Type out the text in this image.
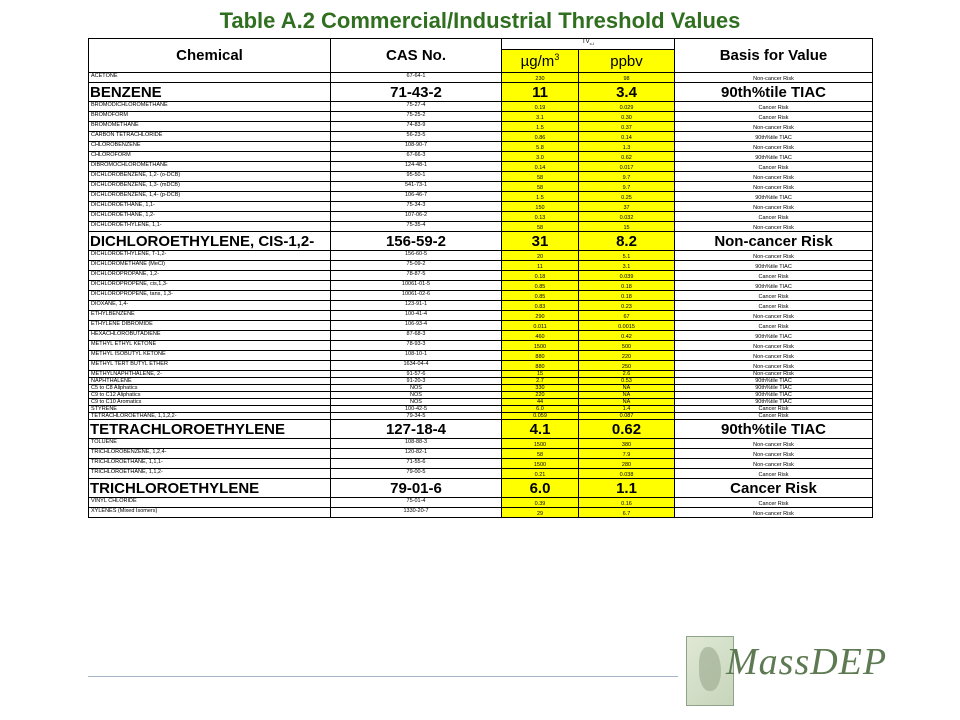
Table A.2 Commercial/Industrial Threshold Values
Chemical	CAS No.	$TV_{c-I}$		Basis for Value
		$\mu g/m^3$	ppbv	
ACETONE	67-64-1	230	98	Non-cancer Risk
BENZENE	71-43-2	11	3.4	90th%tile TIAC
BROMODICHLOROMETHANE	75-27-4	0.19	0.029	Cancer Risk
BROMOFORM	75-25-2	3.1	0.30	Cancer Risk
BROMOMETHANE	74-83-9	1.5	0.37	Non-cancer Risk
CARBON TETRACHLORIDE	56-23-5	0.86	0.14	90th%tile TIAC
CHLOROBENZENE	108-90-7	5.8	1.3	Non-cancer Risk
CHLOROFORM	67-66-3	3.0	0.62	90th%tile TIAC
DIBROMOCHLOROMETHANE	124-48-1	0.14	0.017	Cancer Risk
DICHLOROBENZENE, 1,2- (o-DCB)	95-50-1	58	9.7	Non-cancer Risk
DICHLOROBENZENE, 1,3- (mDCB)	541-73-1	58	9.7	Non-cancer Risk
DICHLOROBENZENE, 1,4- (p-DCB)	106-46-7	1.5	0.25	90th%tile TIAC
DICHLOROETHANE, 1,1-	75-34-3	150	37	Non-cancer Risk
DICHLOROETHANE, 1,2-	107-06-2	0.13	0.032	Cancer Risk
DICHLOROETHYLENE, 1,1-	75-35-4	58	15	Non-cancer Risk
DICHLOROETHYLENE, CIS-1,2-	156-59-2	31	8.2	Non-cancer Risk
DICHLOROETHYLENE, T-1,2-	156-60-5	20	5.1	Non-cancer Risk
DICHLOROMETHANE (MeCl)	75-09-2	11	3.1	90th%tile TIAC
DICHLOROPROPANE, 1,2-	78-87-5	0.18	0.039	Cancer Risk
DICHLOROPROPENE, cis,1,3-	10061-01-5	0.85	0.18	90th%tile TIAC
DICHLOROPROPENE, tans, 1,3-	10061-02-6	0.85	0.18	Cancer Risk
DIOXANE, 1,4-	123-91-1	0.83	0.23	Cancer Risk
ETHYLBENZENE	100-41-4	290	67	Non-cancer Risk
ETHYLENE DIBROMIDE	106-93-4	0.011	0.0015	Cancer Risk
HEXACHLOROBUTADIENE	87-68-3	460	0.42	90th%tile TIAC
METHYL ETHYL KETONE	78-93-3	1500	500	Non-cancer Risk
METHYL ISOBUTYL KETONE	108-10-1	880	220	Non-cancer Risk
METHYL TERT BUTYL ETHER	1634-04-4	880	250	Non-cancer Risk
METHYLNAPHTHALENE, 2-	91-57-6	15	2.6	Non-cancer Risk
NAPHTHALENE	91-20-3	2.7	0.53	90th%tile TIAC
C5 to C8 Aliphatics	NOS	330	NA	90th%tile TIAC
C9 to C12 Aliphatics	NOS	220	NA	90th%tile TIAC
C9 to C10 Aromatics	NOS	44	NA	90th%tile TIAC
STYRENE	100-42-5	6.0	1.4	Cancer Risk
TETRACHLOROETHANE, 1,1,2,2-	79-34-5	0.059	0.087	Cancer Risk
TETRACHLOROETHYLENE	127-18-4	4.1	0.62	90th%tile TIAC
TOLUENE	108-88-3	1500	380	Non-cancer Risk
TRICHLOROBENZENE, 1,2,4-	120-82-1	58	7.9	Non-cancer Risk
TRICHLOROETHANE, 1,1,1-	71-55-6	1500	280	Non-cancer Risk
TRICHLOROETHANE, 1,1,2-	79-00-5	0.21	0.038	Cancer Risk
TRICHLOROETHYLENE	79-01-6	6.0	1.1	Cancer Risk
VINYL CHLORIDE	75-01-4	0.39	0.16	Cancer Risk
XYLENES (Mixed Isomers)	1330-20-7	29	6.7	Non-cancer Risk
MassDEP
